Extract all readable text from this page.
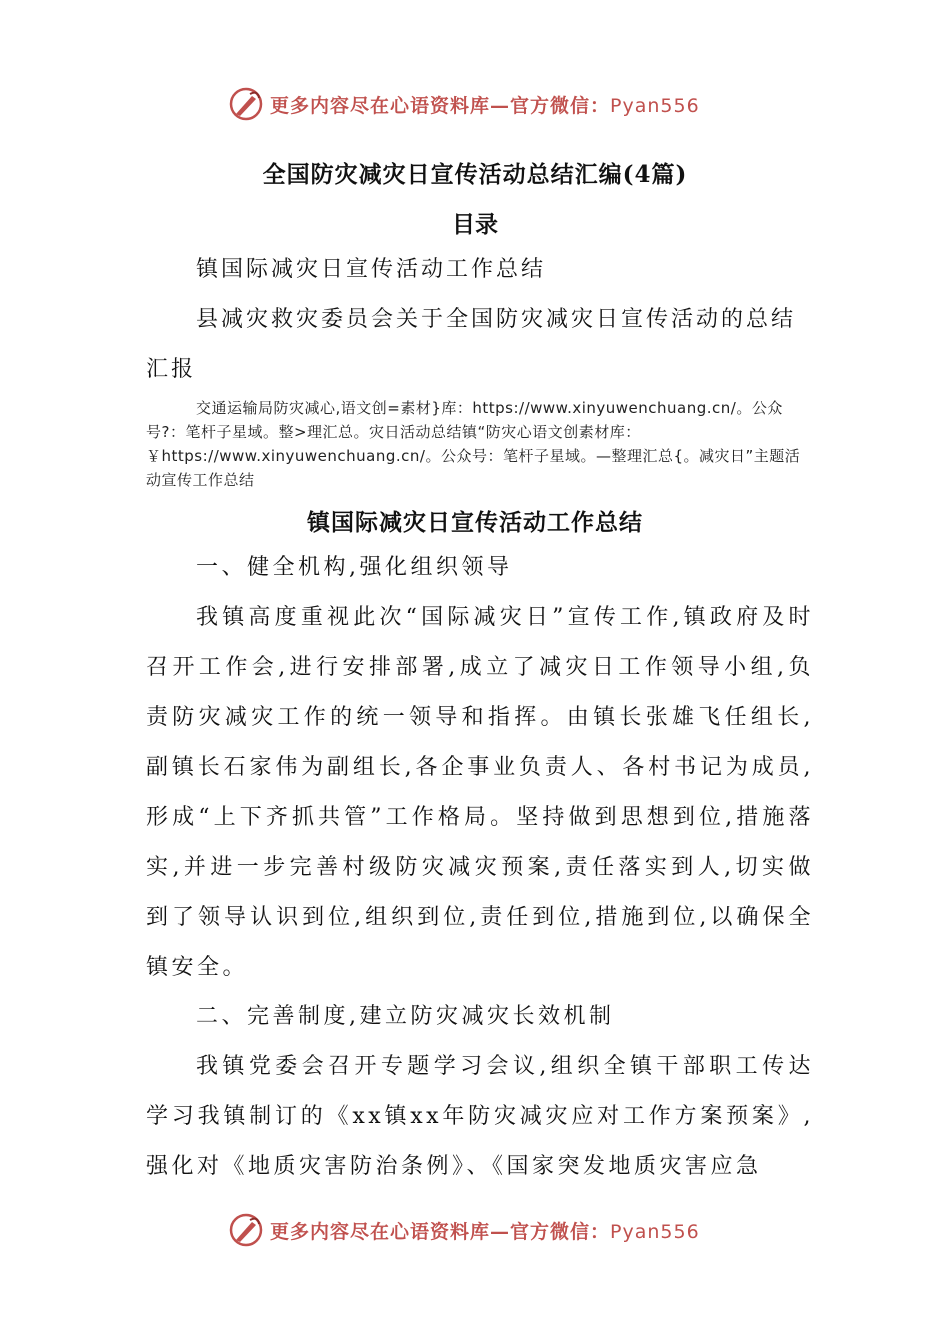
更多内容尽在心语资料库—官方微信：Pyan556
全国防灾减灾日宣传活动总结汇编(4篇)
目录
镇国际减灾日宣传活动工作总结
县减灾救灾委员会关于全国防灾减灾日宣传活动的总结汇报
交通运输局防灾减心,语文创=素材}库：https://www.xinyuwenchuang.cn/。公众号?：笔杆子星域。整>理汇总。灾日活动总结镇“防灾心语文创素材库：￥https://www.xinyuwenchuang.cn/。公众号：笔杆子星域。—整理汇总{。减灾日”主题活动宣传工作总结
镇国际减灾日宣传活动工作总结
一、健全机构,强化组织领导
我镇高度重视此次“国际减灾日”宣传工作,镇政府及时召开工作会,进行安排部署,成立了减灾日工作领导小组,负责防灾减灾工作的统一领导和指挥。由镇长张雄飞任组长,副镇长石家伟为副组长,各企事业负责人、各村书记为成员,形成“上下齐抓共管”工作格局。坚持做到思想到位,措施落实,并进一步完善村级防灾减灾预案,责任落实到人,切实做到了领导认识到位,组织到位,责任到位,措施到位,以确保全镇安全。
二、完善制度,建立防灾减灾长效机制
我镇党委会召开专题学习会议,组织全镇干部职工传达学习我镇制订的《xx镇xx年防灾减灾应对工作方案预案》,强化对《地质灾害防治条例》、《国家突发地质灾害应急
更多内容尽在心语资料库—官方微信：Pyan556
